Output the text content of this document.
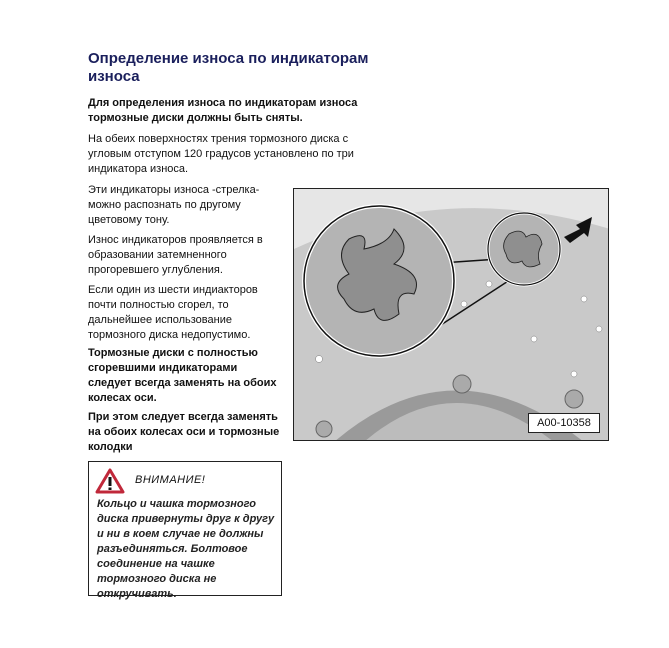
Определение износа по индикаторам износа

Для определения износа по индикаторам износа тормозные диски должны быть сняты.

На обеих поверхностях трения тормозного диска с угловым отступом 120 градусов установлено по три индикатора износа.

Эти индикаторы износа -стрелка- можно распознать по другому цветовому тону.

Износ индикаторов проявляется в образовании затемненного прогоревшего углубления.

Если один из шести индиакторов почти полностью сгорел, то дальнейшее использование тормозного диска недопустимо.

Тормозные диски с полностью сгоревшими индикаторами следует всегда заменять на обоих колесах оси.

При этом следует всегда заменять на обоих колесах оси и тормозные колодки

ВНИМАНИЕ!
Кольцо и чашка тормозного диска привернуты друг к другу и ни в коем случае не должны разъединяться. Болтовое соединение на чашке тормозного диска не откручивать.
A00-10358
